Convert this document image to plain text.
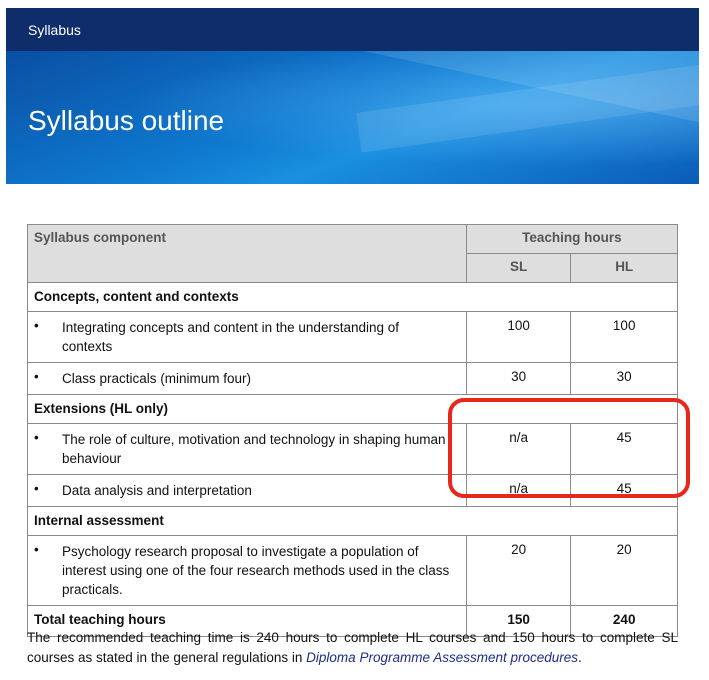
Syllabus
Syllabus outline
Syllabus component	Teaching hours	
	SL	HL
Concepts, content and contexts		
• Integrating concepts and content in the understanding of contexts	100	100
• Class practicals (minimum four)	30	30
Extensions (HL only)		
• The role of culture, motivation and technology in shaping human behaviour	n/a	45
• Data analysis and interpretation	n/a	45
Internal assessment		
• Psychology research proposal to investigate a population of interest using one of the four research methods used in the class practicals.	20	20
Total teaching hours	150	240

The recommended teaching time is 240 hours to complete HL courses and 150 hours to complete SL courses as stated in the general regulations in Diploma Programme Assessment procedures.
